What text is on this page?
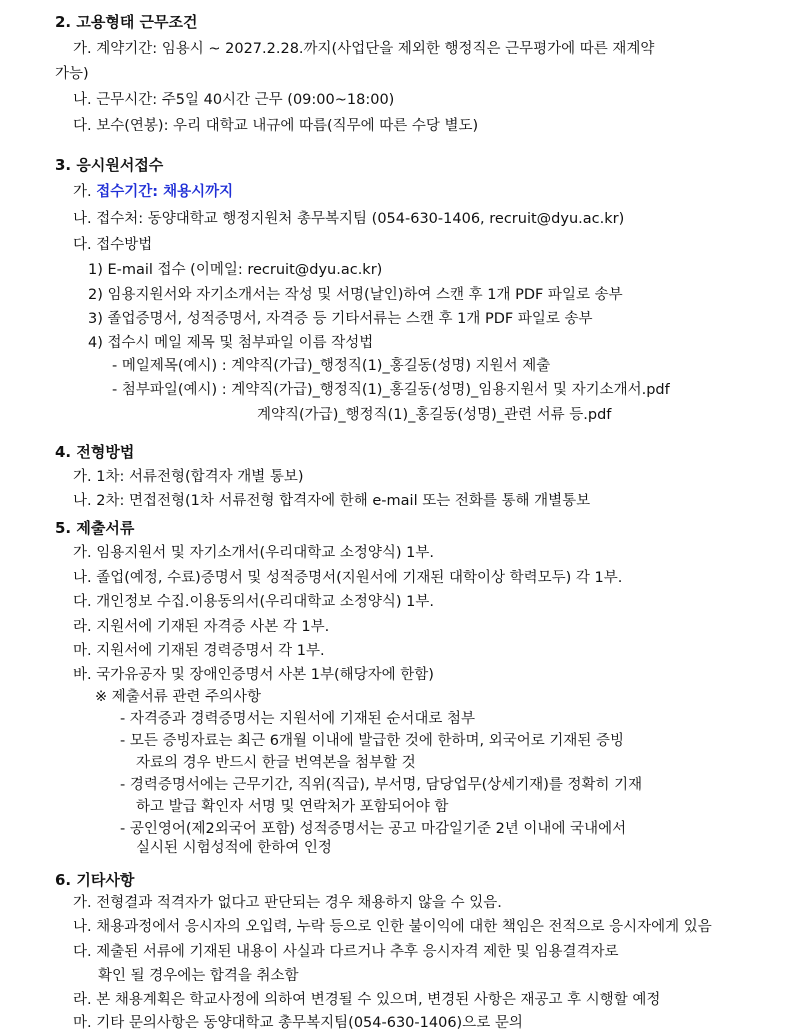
2. 고용형태 근무조건
가. 계약기간: 임용시 ~ 2027.2.28.까지(사업단을 제외한 행정직은 근무평가에 따른 재계약
가능)
나. 근무시간: 주5일 40시간 근무 (09:00~18:00)
다. 보수(연봉): 우리 대학교 내규에 따름(직무에 따른 수당 별도)
3. 응시원서접수
가. 접수기간: 채용시까지
나. 접수처: 동양대학교 행정지원처 총무복지팀 (054-630-1406, recruit@dyu.ac.kr)
다. 접수방법
1) E-mail 접수 (이메일: recruit@dyu.ac.kr)
2) 임용지원서와 자기소개서는 작성 및 서명(날인)하여 스캔 후 1개 PDF 파일로 송부
3) 졸업증명서, 성적증명서, 자격증 등 기타서류는 스캔 후 1개 PDF 파일로 송부
4) 접수시 메일 제목 및 첨부파일 이름 작성법
- 메일제목(예시) : 계약직(가급)_행정직(1)_홍길동(성명) 지원서 제출
- 첨부파일(예시) : 계약직(가급)_행정직(1)_홍길동(성명)_임용지원서 및 자기소개서.pdf
계약직(가급)_행정직(1)_홍길동(성명)_관련 서류 등.pdf
4. 전형방법
가. 1차: 서류전형(합격자 개별 통보)
나. 2차: 면접전형(1차 서류전형 합격자에 한해 e-mail 또는 전화를 통해 개별통보
5. 제출서류
가. 임용지원서 및 자기소개서(우리대학교 소정양식) 1부.
나. 졸업(예정, 수료)증명서 및 성적증명서(지원서에 기재된 대학이상 학력모두) 각 1부.
다. 개인정보 수집.이용동의서(우리대학교 소정양식) 1부.
라. 지원서에 기재된 자격증 사본 각 1부.
마. 지원서에 기재된 경력증명서 각 1부.
바. 국가유공자 및 장애인증명서 사본 1부(해당자에 한함)
※ 제출서류 관련 주의사항
- 자격증과 경력증명서는 지원서에 기재된 순서대로 첨부
- 모든 증빙자료는 최근 6개월 이내에 발급한 것에 한하며, 외국어로 기재된 증빙
자료의 경우 반드시 한글 번역본을 첨부할 것
- 경력증명서에는 근무기간, 직위(직급), 부서명, 담당업무(상세기재)를 정확히 기재
하고 발급 확인자 서명 및 연락처가 포함되어야 함
- 공인영어(제2외국어 포함) 성적증명서는 공고 마감일기준 2년 이내에 국내에서
실시된 시험성적에 한하여 인정
6. 기타사항
가. 전형결과 적격자가 없다고 판단되는 경우 채용하지 않을 수 있음.
나. 채용과정에서 응시자의 오입력, 누락 등으로 인한 불이익에 대한 책임은 전적으로 응시자에게 있음
다. 제출된 서류에 기재된 내용이 사실과 다르거나 추후 응시자격 제한 및 임용결격자로
확인 될 경우에는 합격을 취소함
라. 본 채용계획은 학교사정에 의하여 변경될 수 있으며, 변경된 사항은 재공고 후 시행할 예정
마. 기타 문의사항은 동양대학교 총무복지팀(054-630-1406)으로 문의
